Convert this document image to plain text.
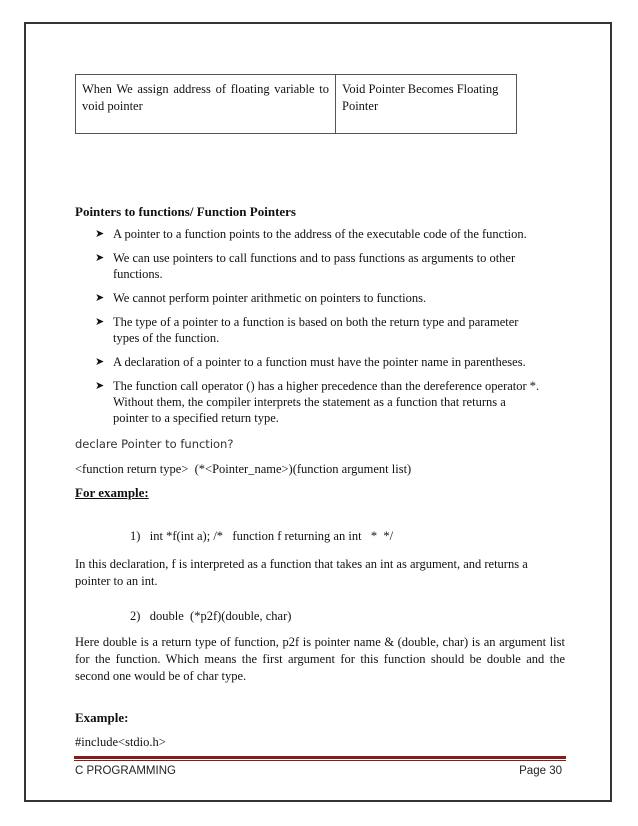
When We assign address of floating variable to void pointer	Void Pointer Becomes Floating Pointer
Pointers to functions/ Function Pointers
➤ A pointer to a function points to the address of the executable code of the function.
➤ We can use pointers to call functions and to pass functions as arguments to other functions.
➤ We cannot perform pointer arithmetic on pointers to functions.
➤ The type of a pointer to a function is based on both the return type and parameter types of the function.
➤ A declaration of a pointer to a function must have the pointer name in parentheses.
➤ The function call operator () has a higher precedence than the dereference operator *. Without them, the compiler interprets the statement as a function that returns a pointer to a specified return type.
declare Pointer to function?
<function return type>  (*<Pointer_name>)(function argument list)
For example:
1)   int *f(int a); /*   function f returning an int   *  */
In this declaration, f is interpreted as a function that takes an int as argument, and returns a pointer to an int.
2)   double  (*p2f)(double, char)
Here double is a return type of function, p2f is pointer name & (double, char) is an argument list for the function. Which means the first argument for this function should be double and the second one would be of char type.
Example:
#include<stdio.h>
C PROGRAMMING	Page 30
